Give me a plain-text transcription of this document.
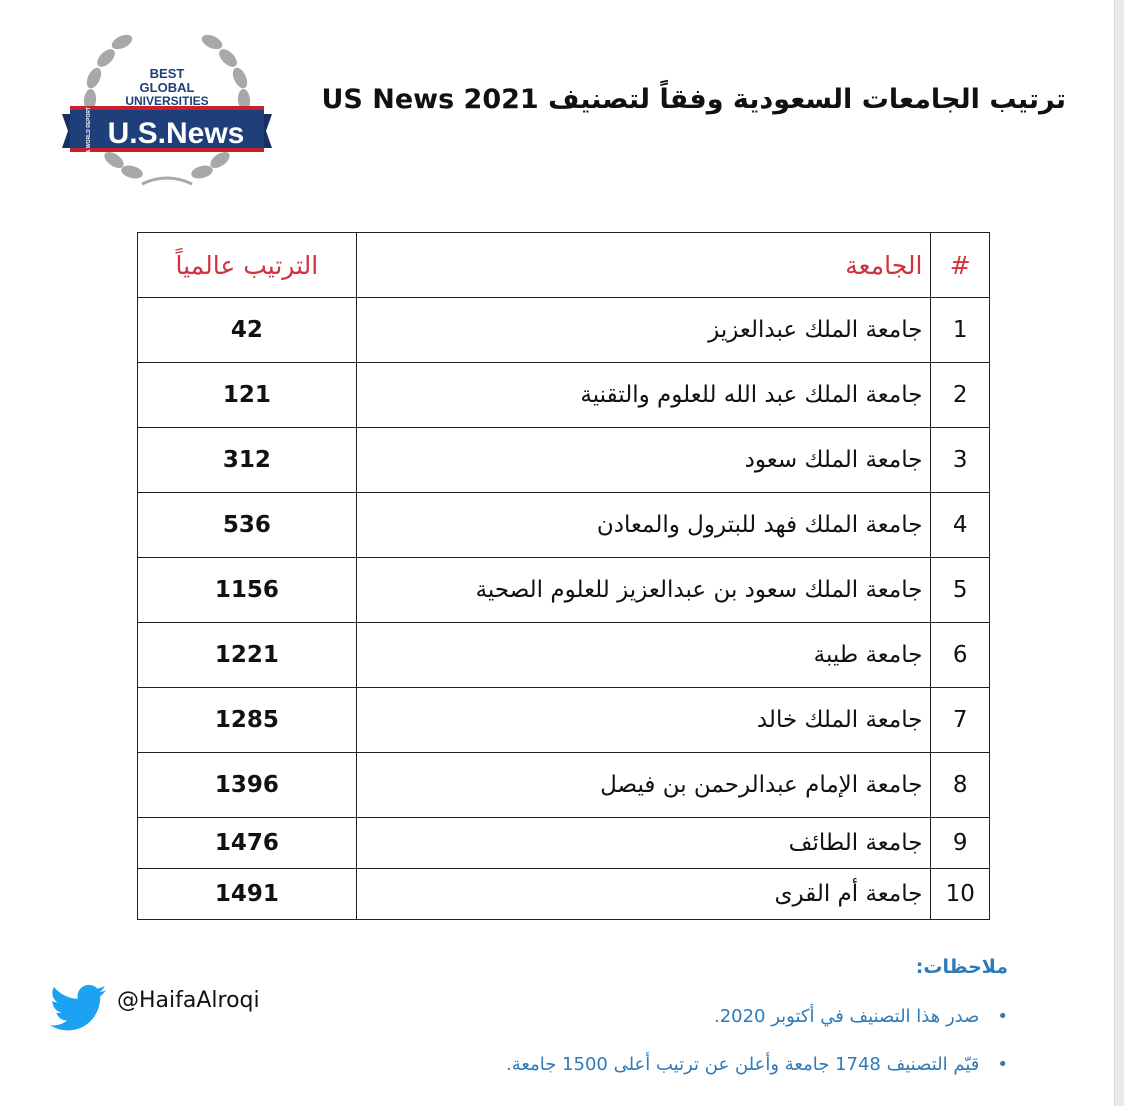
BEST
GLOBAL
UNIVERSITIES
U.S.News
& WORLD REPORT
ترتيب الجامعات السعودية وفقاً لتصنيف US News 2021
#	الجامعة	الترتيب عالمياً
1	جامعة الملك عبدالعزيز	42
2	جامعة الملك عبد الله للعلوم والتقنية	121
3	جامعة الملك سعود	312
4	جامعة الملك فهد للبترول والمعادن	536
5	جامعة الملك سعود بن عبدالعزيز للعلوم الصحية	1156
6	جامعة طيبة	1221
7	جامعة الملك خالد	1285
8	جامعة الإمام عبدالرحمن بن فيصل	1396
9	جامعة الطائف	1476
10	جامعة أم القرى	1491
@HaifaAlroqi
ملاحظات:
•صدر هذا التصنيف في أكتوبر 2020.
•قيّم التصنيف 1748 جامعة وأعلن عن ترتيب أعلى 1500 جامعة.
